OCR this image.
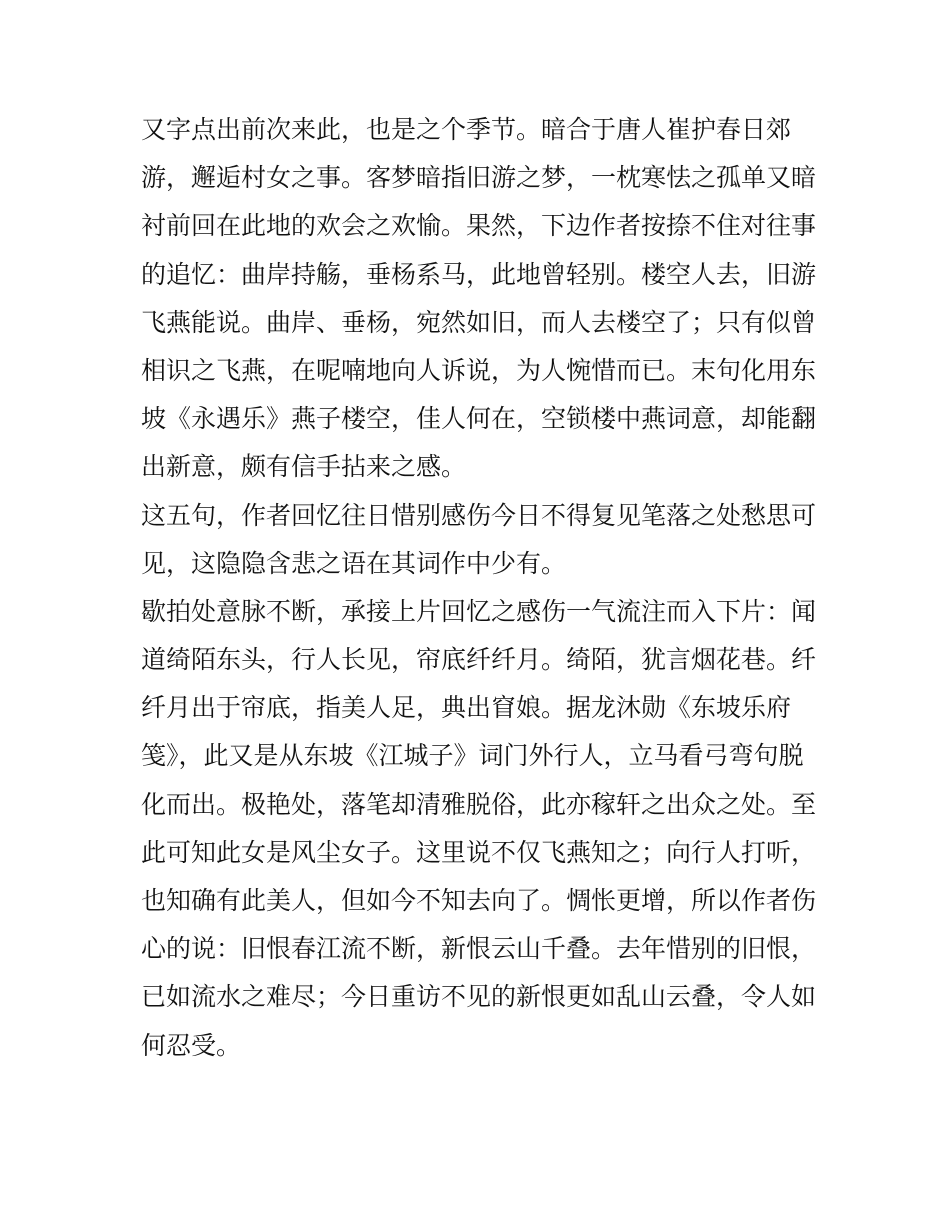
又字点出前次来此，也是之个季节。暗合于唐人崔护春日郊
游，邂逅村女之事。客梦暗指旧游之梦，一枕寒怯之孤单又暗
衬前回在此地的欢会之欢愉。果然，下边作者按捺不住对往事
的追忆：曲岸持觞，垂杨系马，此地曾轻别。楼空人去，旧游
飞燕能说。曲岸、垂杨，宛然如旧，而人去楼空了；只有似曾
相识之飞燕，在呢喃地向人诉说，为人惋惜而已。末句化用东
坡《永遇乐》燕子楼空，佳人何在，空锁楼中燕词意，却能翻
出新意，颇有信手拈来之感。
这五句，作者回忆往日惜别感伤今日不得复见笔落之处愁思可
见，这隐隐含悲之语在其词作中少有。
歇拍处意脉不断，承接上片回忆之感伤一气流注而入下片：闻
道绮陌东头，行人长见，帘底纤纤月。绮陌，犹言烟花巷。纤
纤月出于帘底，指美人足，典出窅娘。据龙沐勋《东坡乐府
笺》，此又是从东坡《江城子》词门外行人，立马看弓弯句脱
化而出。极艳处，落笔却清雅脱俗，此亦稼轩之出众之处。至
此可知此女是风尘女子。这里说不仅飞燕知之；向行人打听，
也知确有此美人，但如今不知去向了。惆怅更增，所以作者伤
心的说：旧恨春江流不断，新恨云山千叠。去年惜别的旧恨，
已如流水之难尽；今日重访不见的新恨更如乱山云叠，令人如
何忍受。
